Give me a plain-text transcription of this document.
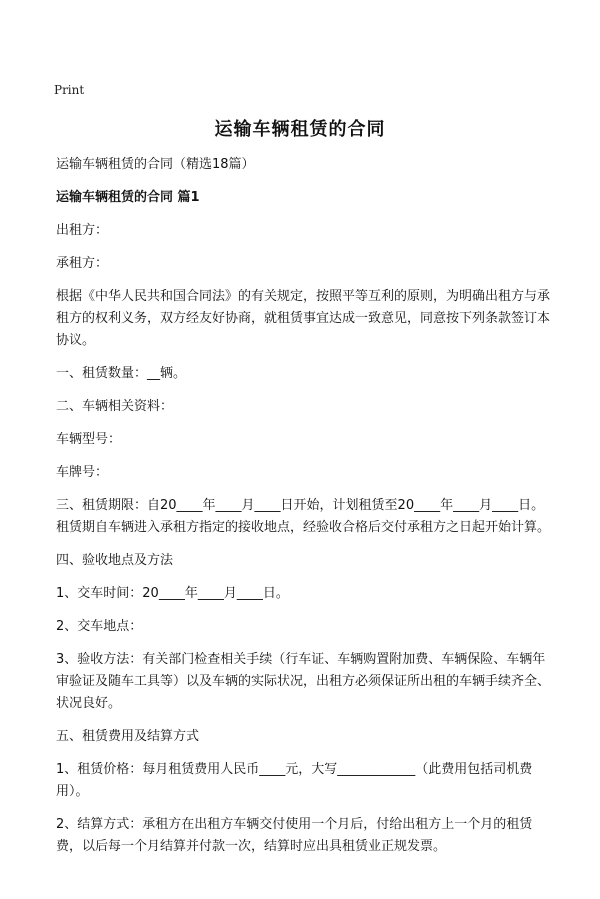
Print
运输车辆租赁的合同

运输车辆租赁的合同（精选18篇）

运输车辆租赁的合同 篇1

出租方：

承租方：

根据《中华人民共和国合同法》的有关规定，按照平等互利的原则，为明确出租方与承租方的权利义务，双方经友好协商，就租赁事宜达成一致意见，同意按下列条款签订本协议。

一、租赁数量：__辆。

二、车辆相关资料：

车辆型号：

车牌号：

三、租赁期限：自20____年____月____日开始，计划租赁至20____年____月____日。租赁期自车辆进入承租方指定的接收地点，经验收合格后交付承租方之日起开始计算。

四、验收地点及方法

1、交车时间：20____年____月____日。

2、交车地点：

3、验收方法：有关部门检查相关手续（行车证、车辆购置附加费、车辆保险、车辆年审验证及随车工具等）以及车辆的实际状况，出租方必须保证所出租的车辆手续齐全、状况良好。

五、租赁费用及结算方式

1、租赁价格：每月租赁费用人民币____元，大写____________（此费用包括司机费用）。

2、结算方式：承租方在出租方车辆交付使用一个月后，付给出租方上一个月的租赁费，以后每一个月结算并付款一次，结算时应出具租赁业正规发票。
